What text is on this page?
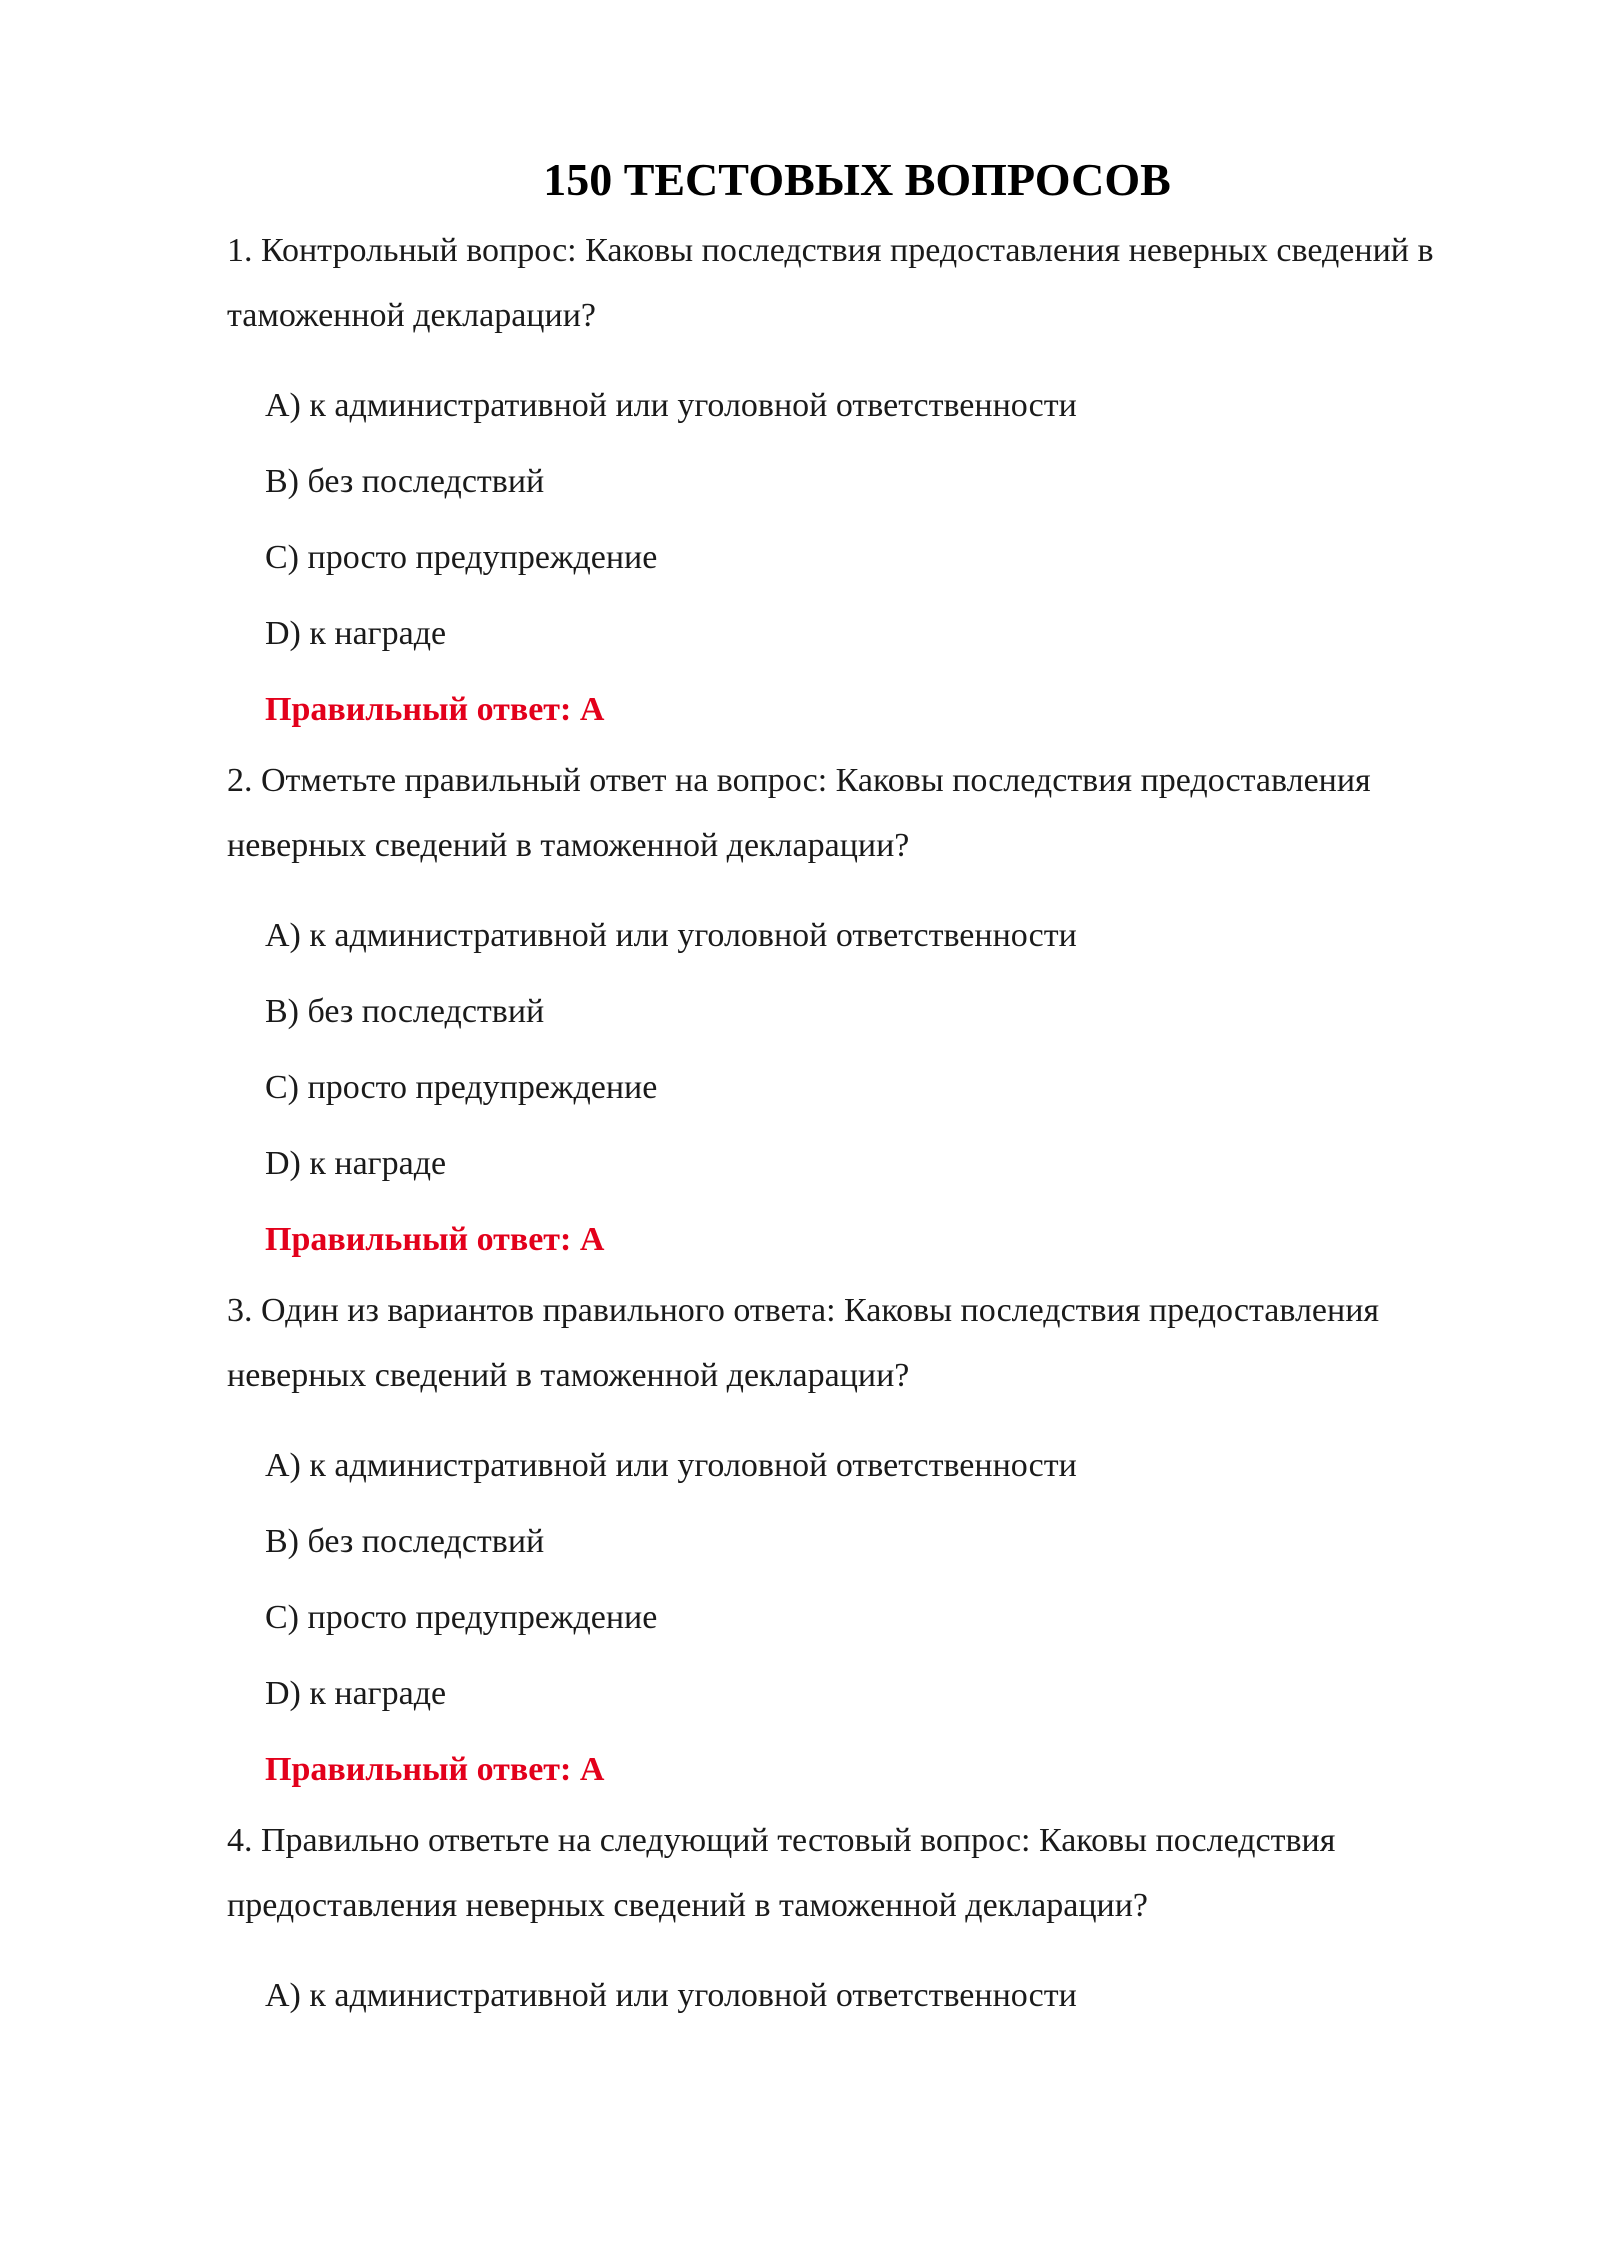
150 ТЕСТОВЫХ ВОПРОСОВ

1. Контрольный вопрос: Каковы последствия предоставления неверных сведений в таможенной декларации?

A) к административной или уголовной ответственности
B) без последствий
C) просто предупреждение
D) к награде
Правильный ответ: A

2. Отметьте правильный ответ на вопрос: Каковы последствия предоставления неверных сведений в таможенной декларации?

A) к административной или уголовной ответственности
B) без последствий
C) просто предупреждение
D) к награде
Правильный ответ: A

3. Один из вариантов правильного ответа: Каковы последствия предоставления неверных сведений в таможенной декларации?

A) к административной или уголовной ответственности
B) без последствий
C) просто предупреждение
D) к награде
Правильный ответ: A

4. Правильно ответьте на следующий тестовый вопрос: Каковы последствия предоставления неверных сведений в таможенной декларации?

A) к административной или уголовной ответственности
